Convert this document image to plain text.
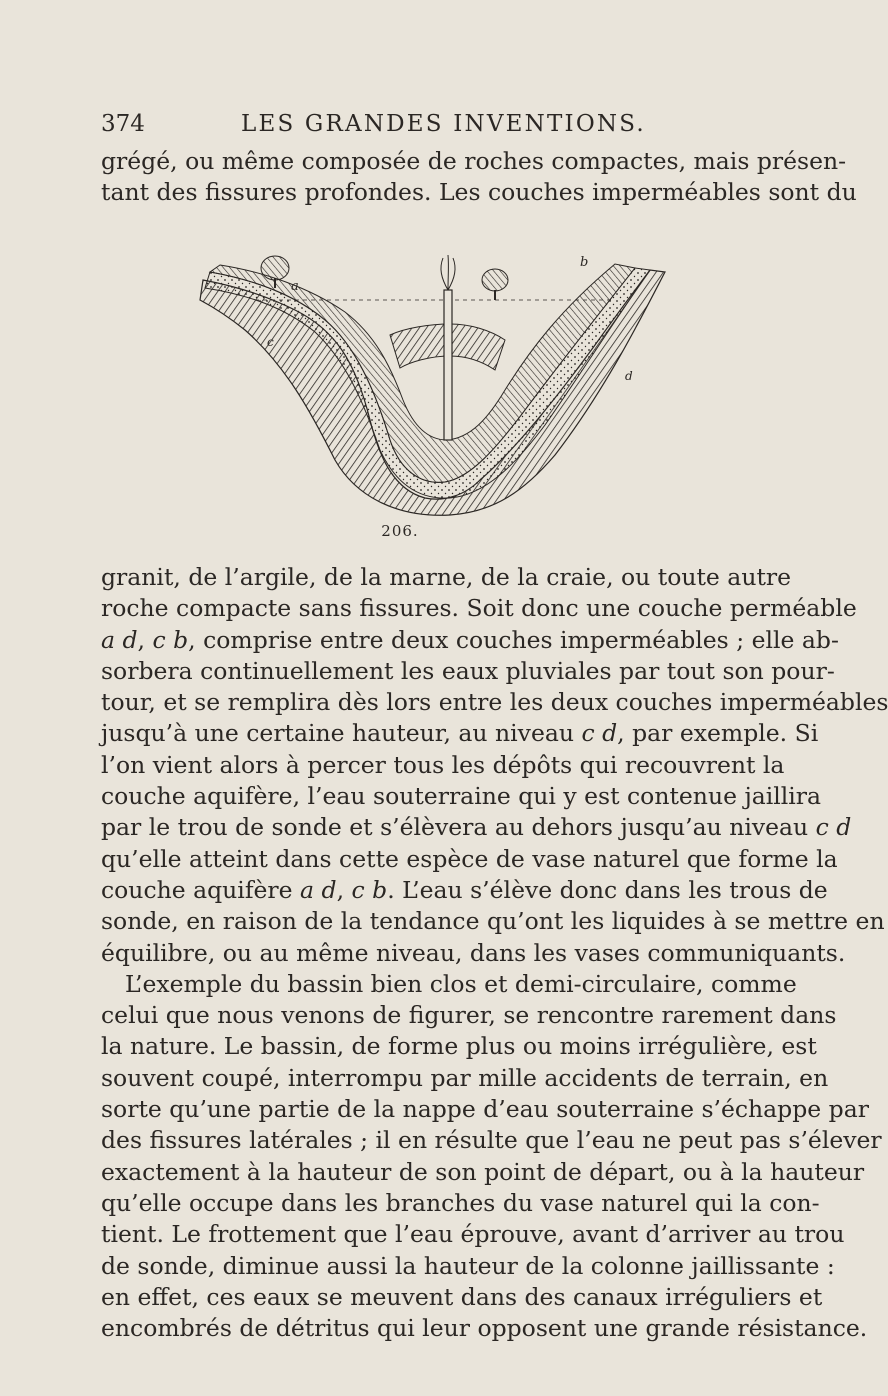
374	LES GRANDES INVENTIONS.

grégé, ou même composée de roches compactes, mais présen-
tant des fissures profondes. Les couches imperméables sont du

a
b
c
d
206.

granit, de l’argile, de la marne, de la craie, ou toute autre
roche compacte sans fissures. Soit donc une couche perméable
a d, c b, comprise entre deux couches imperméables ; elle ab-
sorbera continuellement les eaux pluviales par tout son pour-
tour, et se remplira dès lors entre les deux couches imperméables
jusqu’à une certaine hauteur, au niveau c d, par exemple. Si
l’on vient alors à percer tous les dépôts qui recouvrent la
couche aquifère, l’eau souterraine qui y est contenue jaillira
par le trou de sonde et s’élèvera au dehors jusqu’au niveau c d
qu’elle atteint dans cette espèce de vase naturel que forme la
couche aquifère a d, c b. L’eau s’élève donc dans les trous de
sonde, en raison de la tendance qu’ont les liquides à se mettre en
équilibre, ou au même niveau, dans les vases communiquants.
L’exemple du bassin bien clos et demi-circulaire, comme
celui que nous venons de figurer, se rencontre rarement dans
la nature. Le bassin, de forme plus ou moins irrégulière, est
souvent coupé, interrompu par mille accidents de terrain, en
sorte qu’une partie de la nappe d’eau souterraine s’échappe par
des fissures latérales ; il en résulte que l’eau ne peut pas s’élever
exactement à la hauteur de son point de départ, ou à la hauteur
qu’elle occupe dans les branches du vase naturel qui la con-
tient. Le frottement que l’eau éprouve, avant d’arriver au trou
de sonde, diminue aussi la hauteur de la colonne jaillissante :
en effet, ces eaux se meuvent dans des canaux irréguliers et
encombrés de détritus qui leur opposent une grande résistance.
